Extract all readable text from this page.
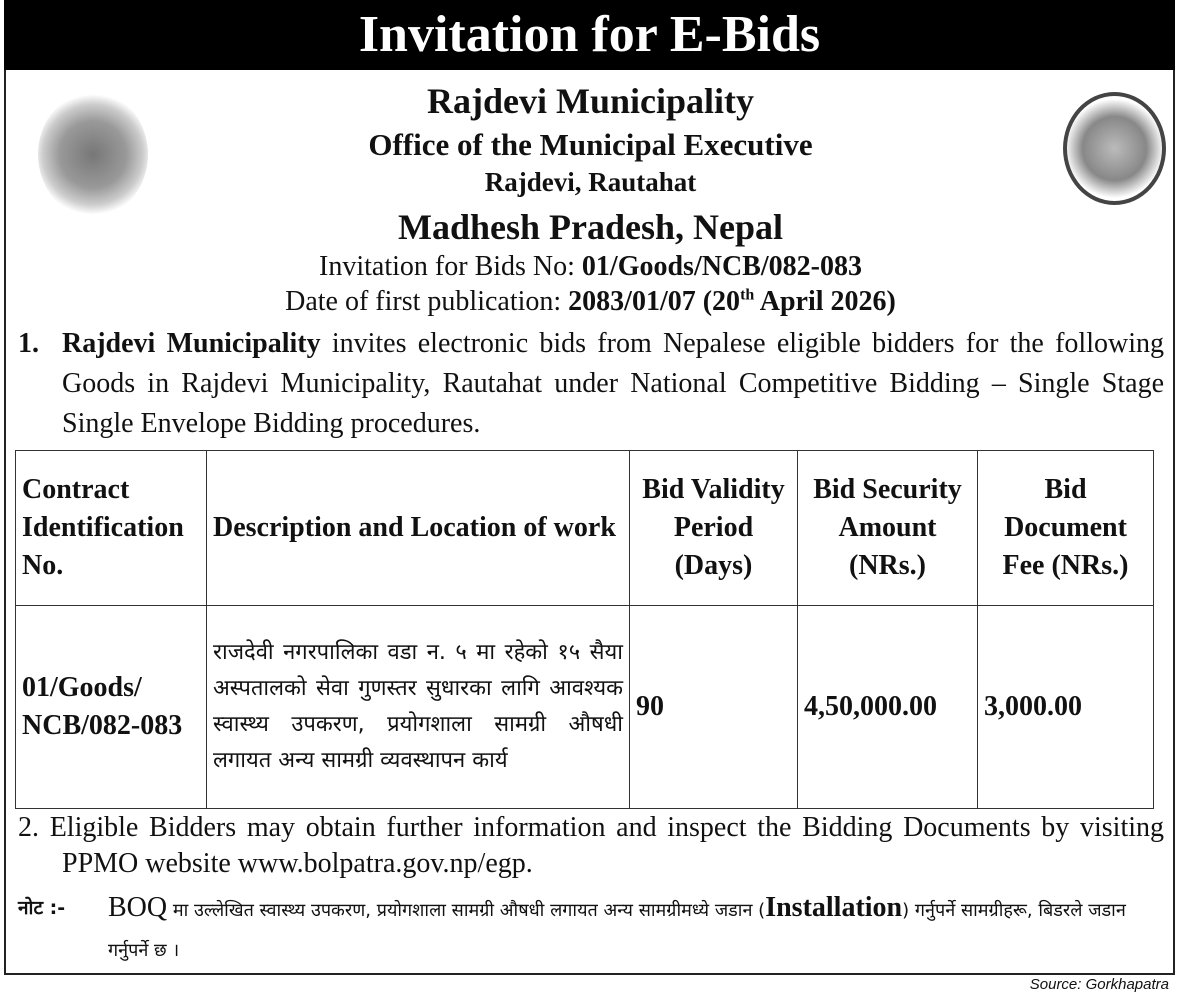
Invitation for E-Bids
Rajdevi Municipality
Office of the Municipal Executive
Rajdevi, Rautahat
Madhesh Pradesh, Nepal
Invitation for Bids No: 01/Goods/NCB/082-083
Date of first publication: 2083/01/07 (20th April 2026)
1. Rajdevi Municipality invites electronic bids from Nepalese eligible bidders for the following Goods in Rajdevi Municipality, Rautahat under National Competitive Bidding – Single Stage Single Envelope Bidding procedures.
Contract Identification No.	Description and Location of work	Bid Validity Period (Days)	Bid Security Amount (NRs.)	Bid Document Fee (NRs.)
01/Goods/ NCB/082-083	राजदेवी नगरपालिका वडा न. ५ मा रहेको १५ सैया अस्पतालको सेवा गुणस्तर सुधारका लागि आवश्यक स्वास्थ्य उपकरण, प्रयोगशाला सामग्री औषधी लगायत अन्य सामग्री व्यवस्थापन कार्य	90	4,50,000.00	3,000.00
2. Eligible Bidders may obtain further information and inspect the Bidding Documents by visiting PPMO website www.bolpatra.gov.np/egp.
नोट :- BOQ मा उल्लेखित स्वास्थ्य उपकरण, प्रयोगशाला सामग्री औषधी लगायत अन्य सामग्रीमध्ये जडान (Installation) गर्नुपर्ने सामग्रीहरू, बिडरले जडान गर्नुपर्ने छ ।
Source: Gorkhapatra
